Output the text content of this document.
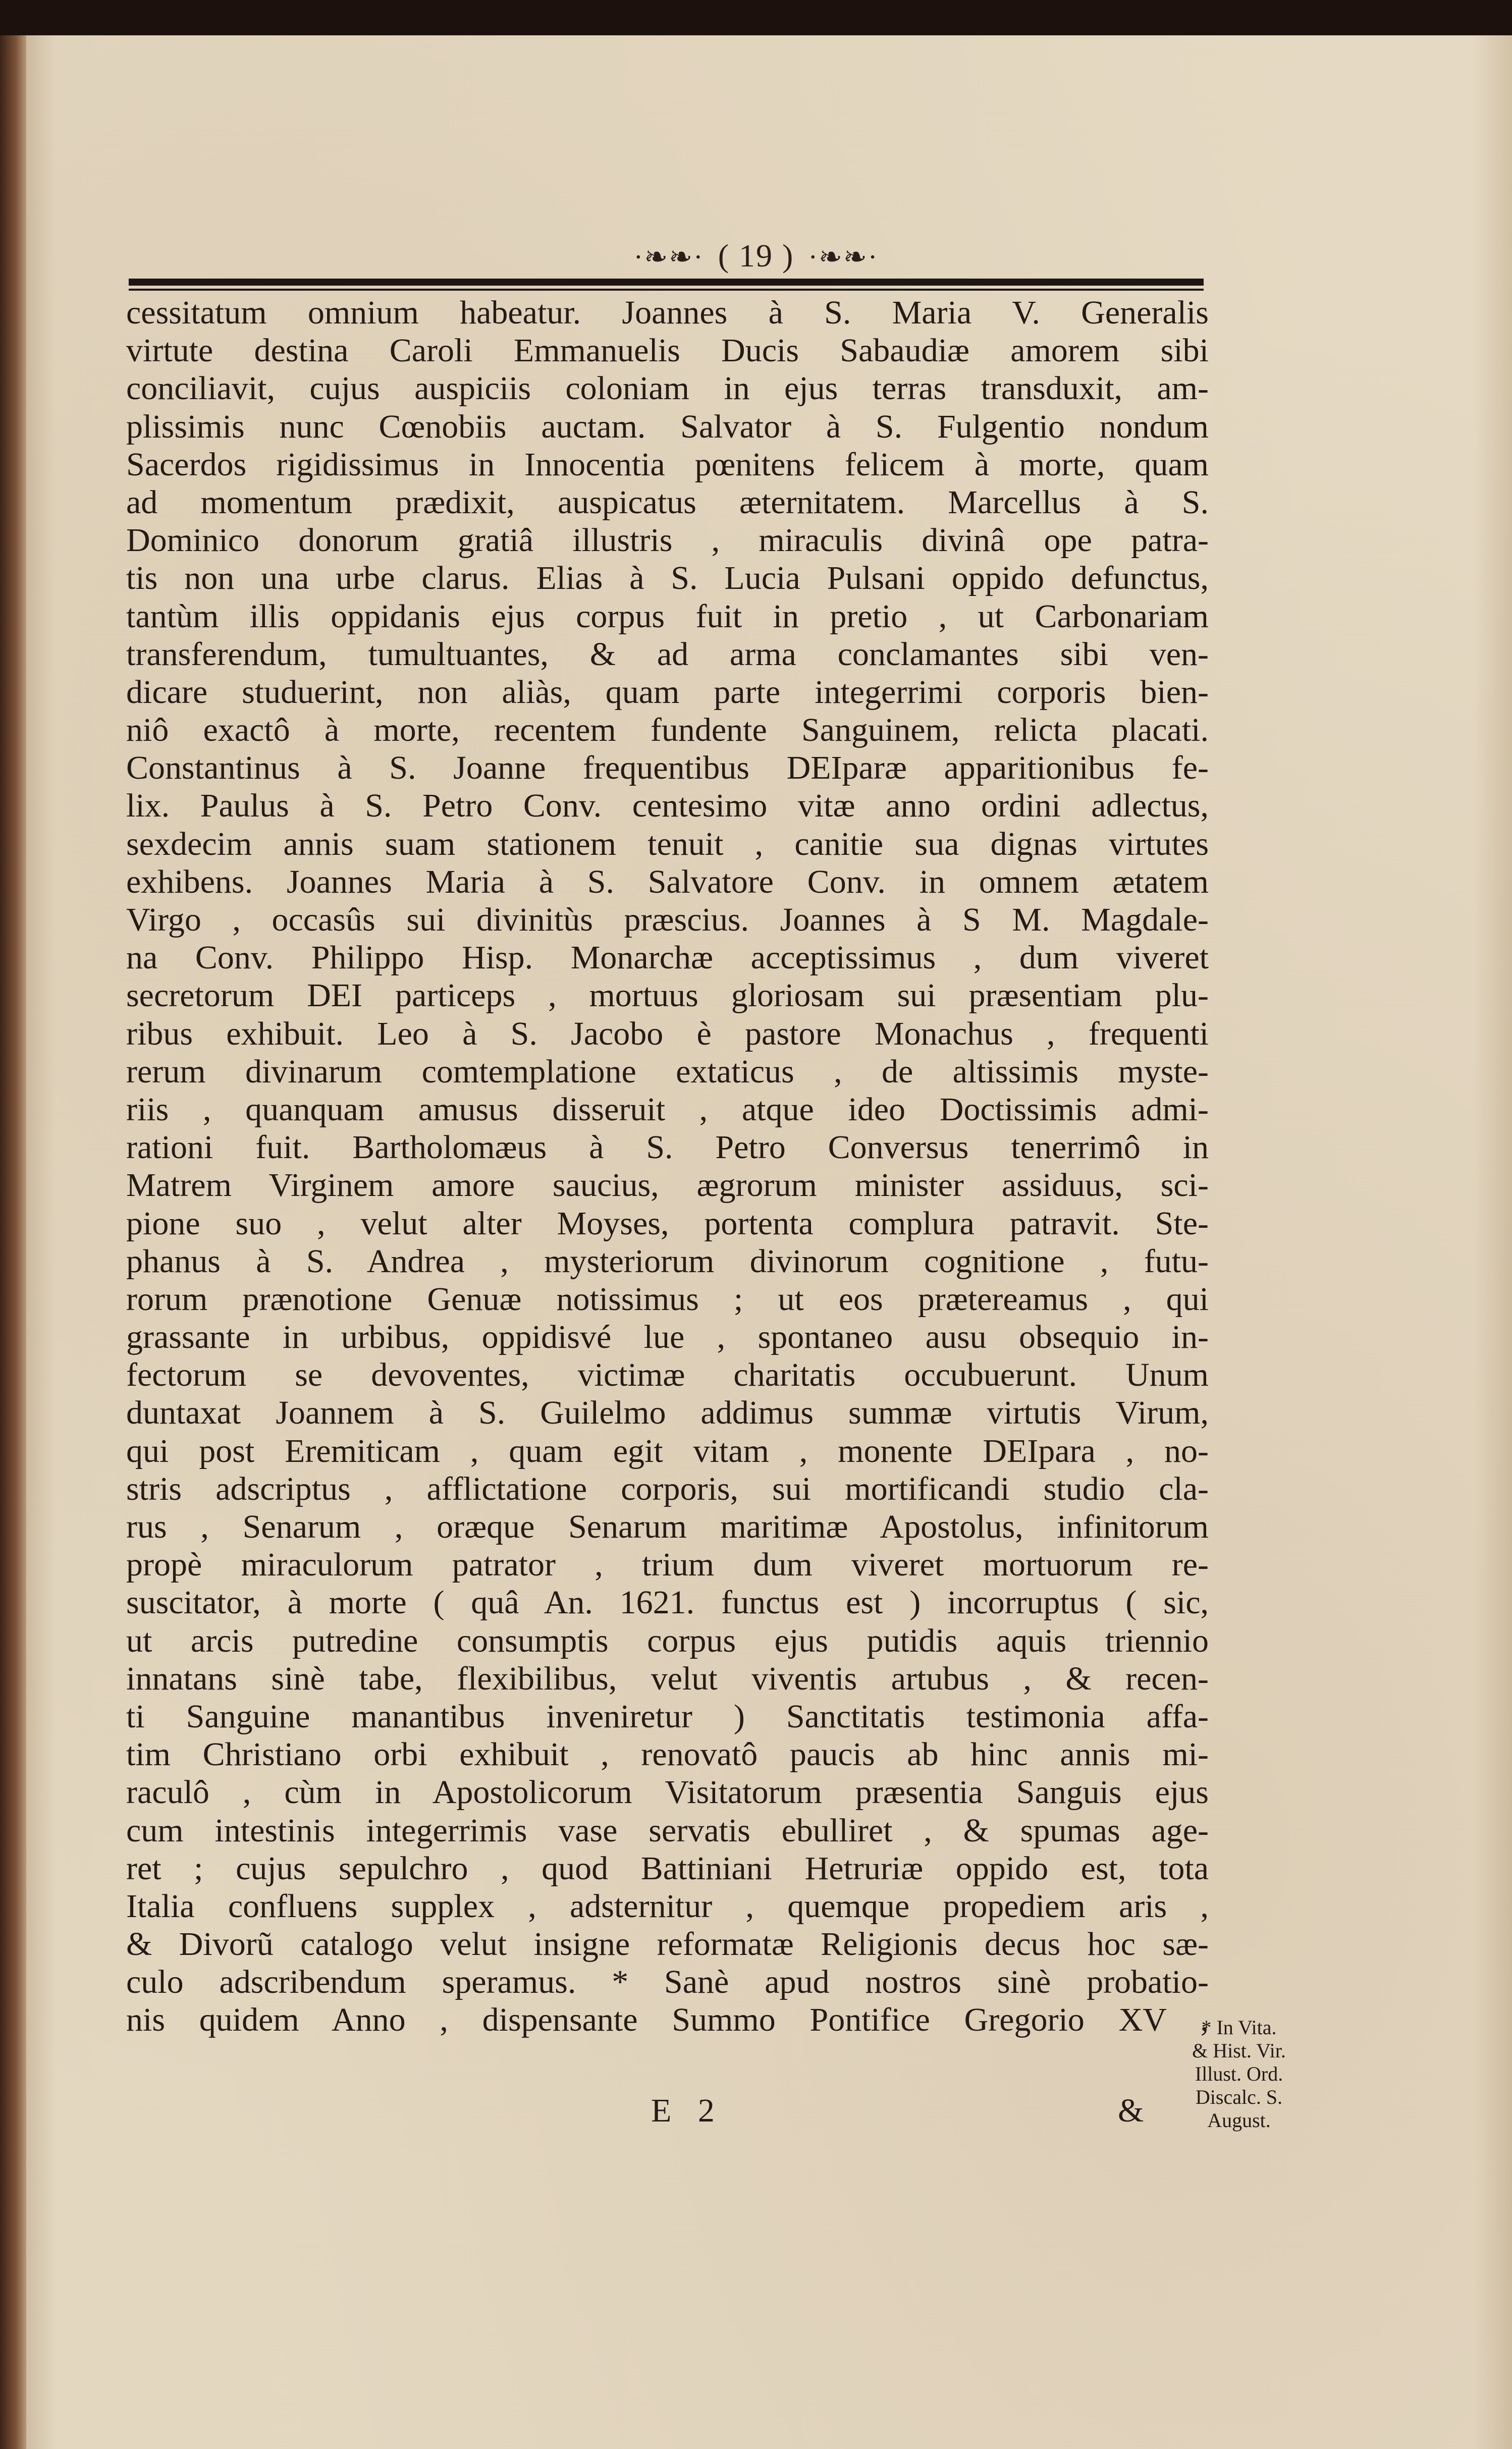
·❧❧· ( 19 ) ·❧❧·
cessitatum omnium habeatur. Joannes à S. Maria V. Generalis
virtute destina Caroli Emmanuelis Ducis Sabaudiæ amorem sibi
conciliavit, cujus auspiciis coloniam in ejus terras transduxit, am-
plissimis nunc Cœnobiis auctam. Salvator à S. Fulgentio nondum
Sacerdos rigidissimus in Innocentia pœnitens felicem à morte, quam
ad momentum prædixit, auspicatus æternitatem. Marcellus à S.
Dominico donorum gratiâ illustris , miraculis divinâ ope patra-
tis non una urbe clarus. Elias à S. Lucia Pulsani oppido defunctus,
tantùm illis oppidanis ejus corpus fuit in pretio , ut Carbonariam
transferendum, tumultuantes, & ad arma conclamantes sibi ven-
dicare studuerint, non aliàs, quam parte integerrimi corporis bien-
niô exactô à morte, recentem fundente Sanguinem, relicta placati.
Constantinus à S. Joanne frequentibus DEIparæ apparitionibus fe-
lix. Paulus à S. Petro Conv. centesimo vitæ anno ordini adlectus,
sexdecim annis suam stationem tenuit , canitie sua dignas virtutes
exhibens. Joannes Maria à S. Salvatore Conv. in omnem ætatem
Virgo , occasûs sui divinitùs præscius. Joannes à S M. Magdale-
na Conv. Philippo Hisp. Monarchæ acceptissimus , dum viveret
secretorum DEI particeps , mortuus gloriosam sui præsentiam plu-
ribus exhibuit. Leo à S. Jacobo è pastore Monachus , frequenti
rerum divinarum comtemplatione extaticus , de altissimis myste-
riis , quanquam amusus disseruit , atque ideo Doctissimis admi-
rationi fuit. Bartholomæus à S. Petro Conversus tenerrimô in
Matrem Virginem amore saucius, ægrorum minister assiduus, sci-
pione suo , velut alter Moyses, portenta complura patravit. Ste-
phanus à S. Andrea , mysteriorum divinorum cognitione , futu-
rorum prænotione Genuæ notissimus ; ut eos prætereamus , qui
grassante in urbibus, oppidisvé lue , spontaneo ausu obsequio in-
fectorum se devoventes, victimæ charitatis occubuerunt. Unum
duntaxat Joannem à S. Guilelmo addimus summæ virtutis Virum,
qui post Eremiticam , quam egit vitam , monente DEIpara , no-
stris adscriptus , afflictatione corporis, sui mortificandi studio cla-
rus , Senarum , oræque Senarum maritimæ Apostolus, infinitorum
propè miraculorum patrator , trium dum viveret mortuorum re-
suscitator, à morte ( quâ An. 1621. functus est ) incorruptus ( sic,
ut arcis putredine consumptis corpus ejus putidis aquis triennio
innatans sinè tabe, flexibilibus, velut viventis artubus , & recen-
ti Sanguine manantibus inveniretur ) Sanctitatis testimonia affa-
tim Christiano orbi exhibuit , renovatô paucis ab hinc annis mi-
raculô , cùm in Apostolicorum Visitatorum præsentia Sanguis ejus
cum intestinis integerrimis vase servatis ebulliret , & spumas age-
ret ; cujus sepulchro , quod Battiniani Hetruriæ oppido est, tota
Italia confluens supplex , adsternitur , quemque propediem aris ,
& Divorũ catalogo velut insigne reformatæ Religionis decus hoc sæ-
culo adscribendum speramus. * Sanè apud nostros sinè probatio-
nis quidem Anno , dispensante Summo Pontifice Gregorio XV ,
E 2	&
* In Vita.
& Hist. Vir.
Illust. Ord.
Discalc. S.
August.
